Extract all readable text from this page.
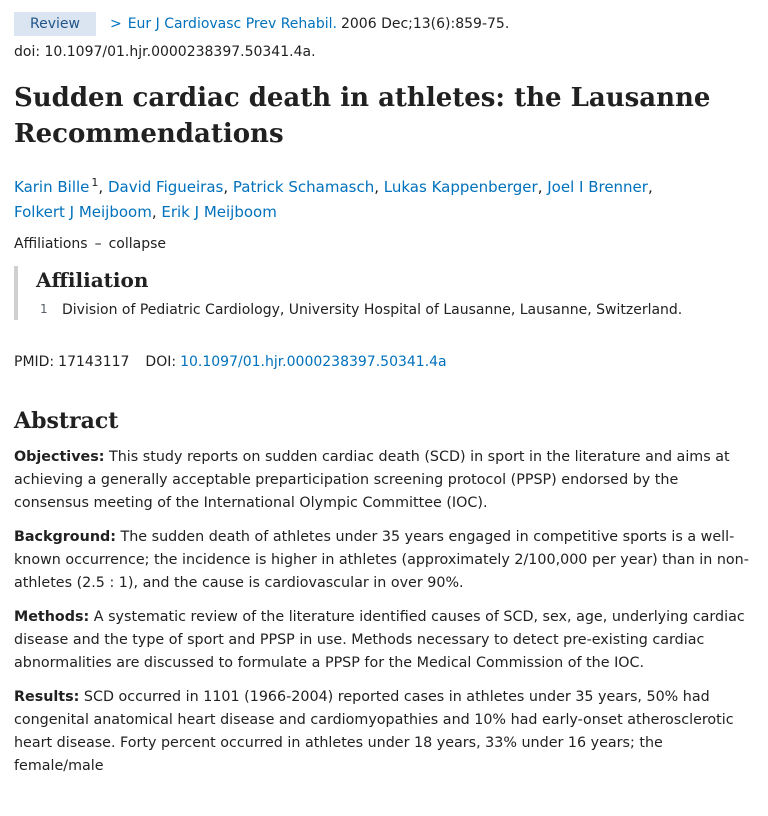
Review	> Eur J Cardiovasc Prev Rehabil. 2006 Dec;13(6):859-75.
doi: 10.1097/01.hjr.0000238397.50341.4a.
Sudden cardiac death in athletes: the Lausanne Recommendations
Karin Bille $^1$, David Figueiras, Patrick Schamasch, Lukas Kappenberger, Joel I Brenner,
Folkert J Meijboom, Erik J Meijboom
Affiliations – collapse
Affiliation
1	Division of Pediatric Cardiology, University Hospital of Lausanne, Lausanne, Switzerland.
PMID: 17143117 DOI: 10.1097/01.hjr.0000238397.50341.4a
Abstract

Objectives: This study reports on sudden cardiac death (SCD) in sport in the literature and aims at achieving a generally acceptable preparticipation screening protocol (PPSP) endorsed by the consensus meeting of the International Olympic Committee (IOC).

Background: The sudden death of athletes under 35 years engaged in competitive sports is a well-known occurrence; the incidence is higher in athletes (approximately 2/100,000 per year) than in non-athletes (2.5 : 1), and the cause is cardiovascular in over 90%.

Methods: A systematic review of the literature identified causes of SCD, sex, age, underlying cardiac disease and the type of sport and PPSP in use. Methods necessary to detect pre-existing cardiac abnormalities are discussed to formulate a PPSP for the Medical Commission of the IOC.

Results: SCD occurred in 1101 (1966-2004) reported cases in athletes under 35 years, 50% had congenital anatomical heart disease and cardiomyopathies and 10% had early-onset atherosclerotic heart disease. Forty percent occurred in athletes under 18 years, 33% under 16 years; the female/male
